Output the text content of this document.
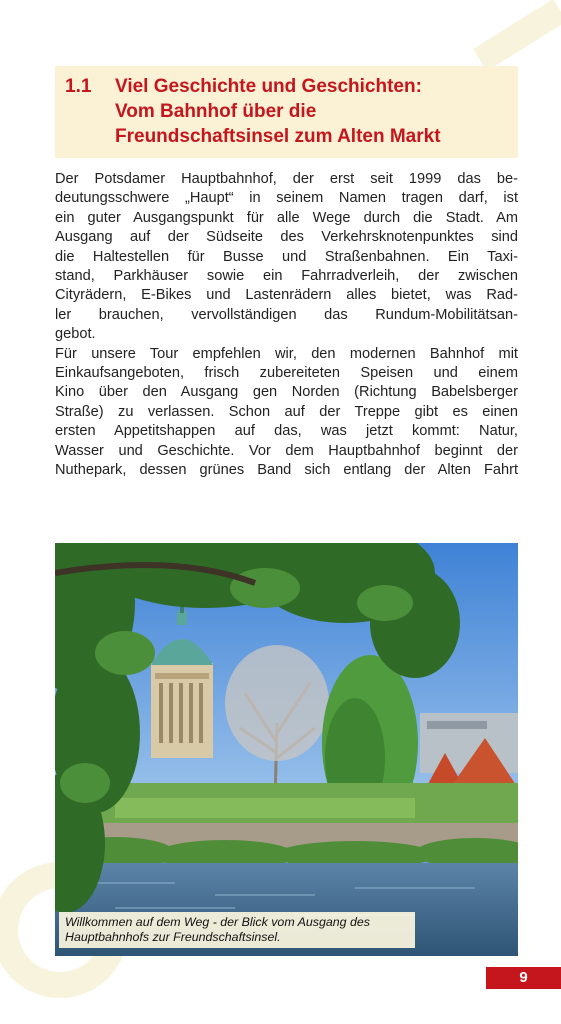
1.1	Viel Geschichte und Geschichten:
Vom Bahnhof über die
Freundschaftsinsel zum Alten Markt
Der Potsdamer Hauptbahnhof, der erst seit 1999 das be-
deutungsschwere „Haupt“ in seinem Namen tragen darf, ist
ein guter Ausgangspunkt für alle Wege durch die Stadt. Am
Ausgang auf der Südseite des Verkehrsknotenpunktes sind
die Haltestellen für Busse und Straßenbahnen. Ein Taxi-
stand, Parkhäuser sowie ein Fahrradverleih, der zwischen
Cityrädern, E-Bikes und Lastenrädern alles bietet, was Rad-
ler brauchen, vervollständigen das Rundum-Mobilitätsan-
gebot.
Für unsere Tour empfehlen wir, den modernen Bahnhof mit
Einkaufsangeboten, frisch zubereiteten Speisen und einem
Kino über den Ausgang gen Norden (Richtung Babelsberger
Straße) zu verlassen. Schon auf der Treppe gibt es einen
ersten Appetitshappen auf das, was jetzt kommt: Natur,
Wasser und Geschichte. Vor dem Hauptbahnhof beginnt der
Nuthepark, dessen grünes Band sich entlang der Alten Fahrt
Willkommen auf dem Weg - der Blick vom Ausgang des
Hauptbahnhofs zur Freundschaftsinsel.
9
